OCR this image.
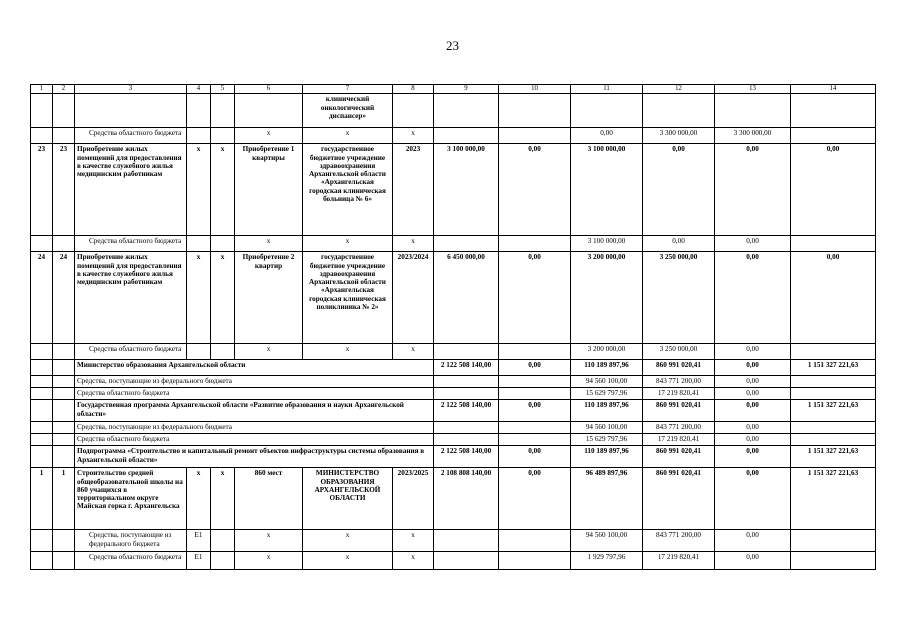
23
1	2	3	4	5	6	7	8	9	10	11	12	13	14
						клинический онкологический диспансер»							
		Средства областного бюджета			х	х	х			0,00	3 300 000,00	3 300 000,00	
23	23	Приобретение жилых помещений для предоставления в качестве служебного жилья медицинским работникам	х	х	Приобретение 1 квартиры	государственное бюджетное учреждение здравоохранения Архангельской области «Архангельская городская клиническая больница № 6»	2023	3 100 000,00	0,00	3 100 000,00	0,00	0,00	0,00
		Средства областного бюджета			х	х	х			3 100 000,00	0,00	0,00	
24	24	Приобретение жилых помещений для предоставления в качестве служебного жилья медицинским работникам	х	х	Приобретение 2 квартир	государственное бюджетное учреждение здравоохранения Архангельской области «Архангельская городская клиническая поликлиника № 2»	2023/2024	6 450 000,00	0,00	3 200 000,00	3 250 000,00	0,00	0,00
		Средства областного бюджета			х	х	х			3 200 000,00	3 250 000,00	0,00	
		Министерство образования Архангельской области						2 122 508 140,00	0,00	110 189 897,96	860 991 020,41	0,00	1 151 327 221,63
		Средства, поступающие из федерального бюджета								94 560 100,00	843 771 200,00	0,00	
		Средства областного бюджета								15 629 797,96	17 219 820,41	0,00	
		Государственная программа Архангельской области «Развитие образования и науки Архангельской области»						2 122 508 140,00	0,00	110 189 897,96	860 991 020,41	0,00	1 151 327 221,63
		Средства, поступающие из федерального бюджета								94 560 100,00	843 771 200,00	0,00	
		Средства областного бюджета								15 629 797,96	17 219 820,41	0,00	
		Подпрограмма «Строительство и капитальный ремонт объектов инфраструктуры системы образования в Архангельской области»						2 122 508 140,00	0,00	110 189 897,96	860 991 020,41	0,00	1 151 327 221,63
1	1	Строительство средней общеобразовательной школы на 860 учащихся в территориальном округе Майская горка г. Архангельска	х	х	860 мест	МИНИСТЕРСТВО ОБРАЗОВАНИЯ АРХАНГЕЛЬСКОЙ ОБЛАСТИ	2023/2025	2 108 808 140,00	0,00	96 489 897,96	860 991 020,41	0,00	1 151 327 221,63
		Средства, поступающие из федерального бюджета	E1		х	х	х			94 560 100,00	843 771 200,00	0,00	
		Средства областного бюджета	E1		х	х	х			1 929 797,96	17 219 820,41	0,00	
